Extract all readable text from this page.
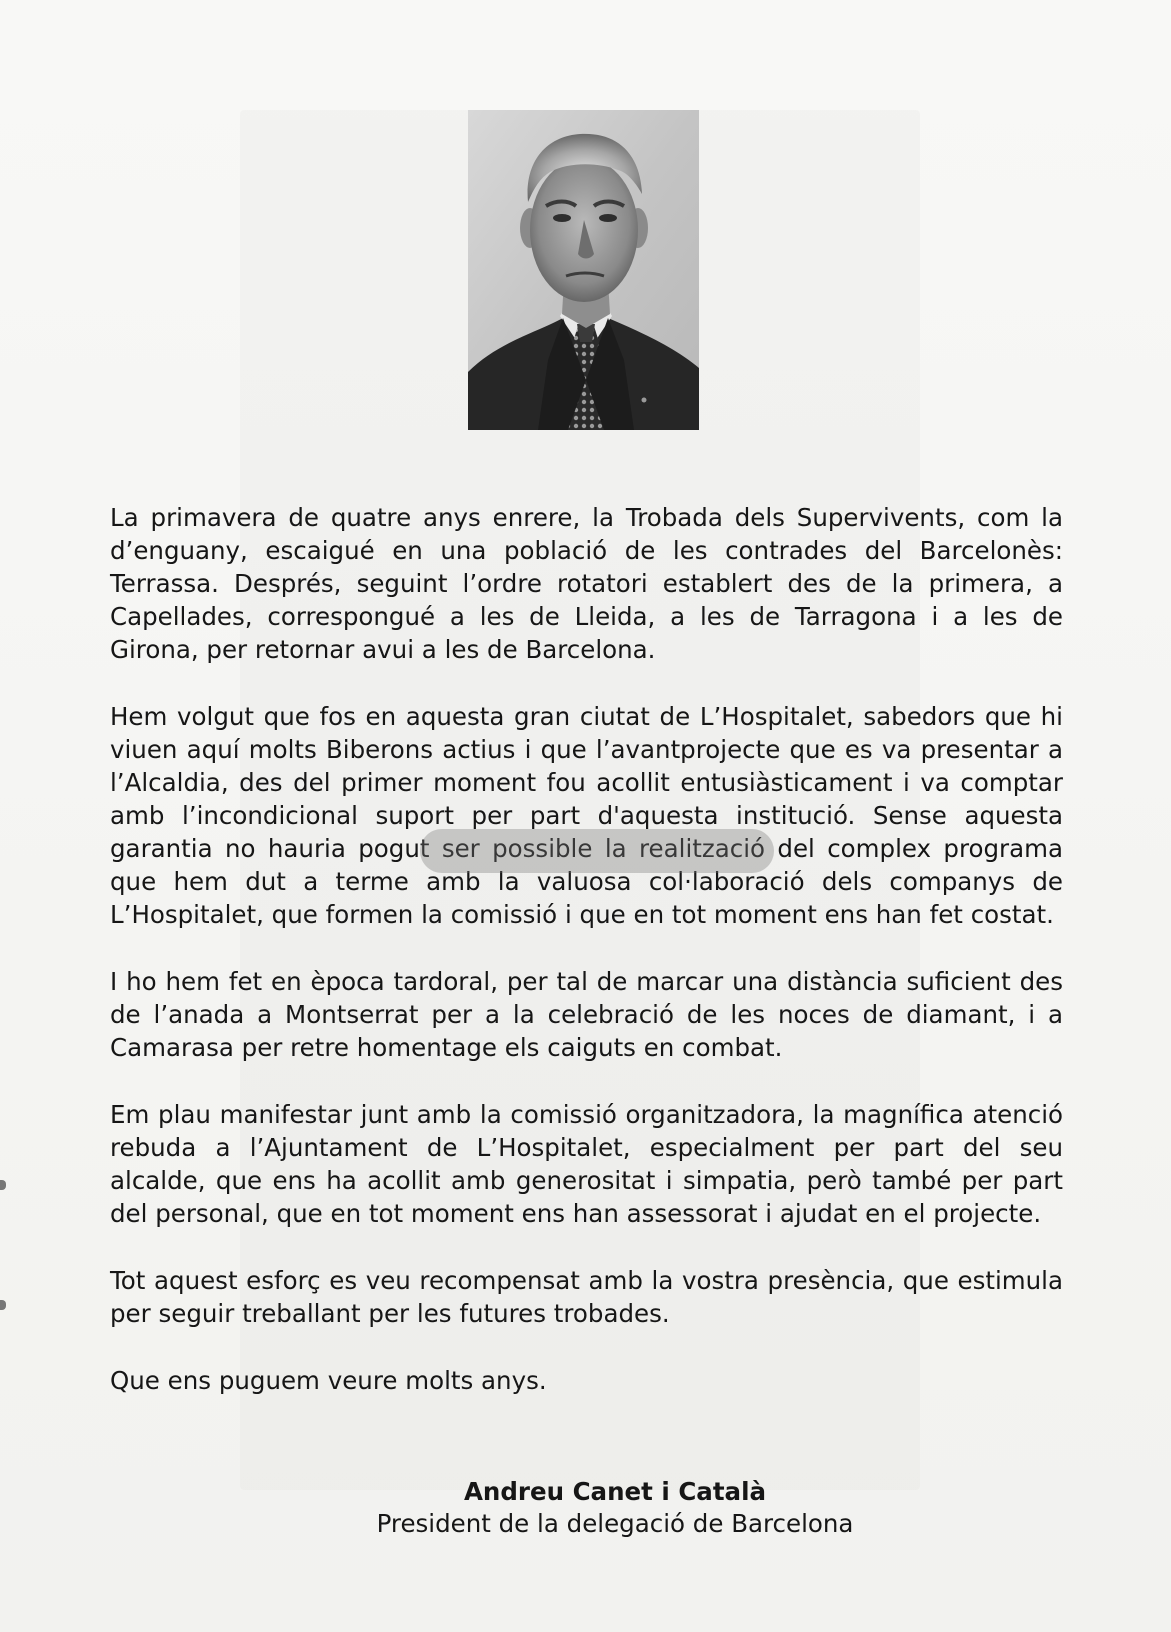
La primavera de quatre anys enrere, la Trobada dels Supervivents, com la d’enguany, escaigué en una població de les contrades del Barcelonès: Terrassa. Després, seguint l’ordre rotatori establert des de la primera, a Capellades, correspongué a les de Lleida, a les de Tarragona i a les de Girona, per retornar avui a les de Barcelona.

Hem volgut que fos en aquesta gran ciutat de L’Hospitalet, sabedors que hi viuen aquí molts Biberons actius i que l’avantprojecte que es va presentar a l’Alcaldia, des del primer moment fou acollit entusiàsticament i va comptar amb l’incondicional suport per part d'aquesta institució. Sense aquesta garantia no hauria pogut ser possible la realització del complex programa que hem dut a terme amb la valuosa col·laboració dels companys de L’Hospitalet, que formen la comissió i que en tot moment ens han fet costat.

I ho hem fet en època tardoral, per tal de marcar una distància suficient des de l’anada a Montserrat per a la celebració de les noces de diamant, i a Camarasa per retre homentage els caiguts en combat.

Em plau manifestar junt amb la comissió organitzadora, la magnífica atenció rebuda a l’Ajuntament de L’Hospitalet, especialment per part del seu alcalde, que ens ha acollit amb generositat i simpatia, però també per part del personal, que en tot moment ens han assessorat i ajudat en el projecte.

Tot aquest esforç es veu recompensat amb la vostra presència, que estimula per seguir treballant per les futures trobades.

Que ens puguem veure molts anys.

Andreu Canet i Català
President de la delegació de Barcelona
